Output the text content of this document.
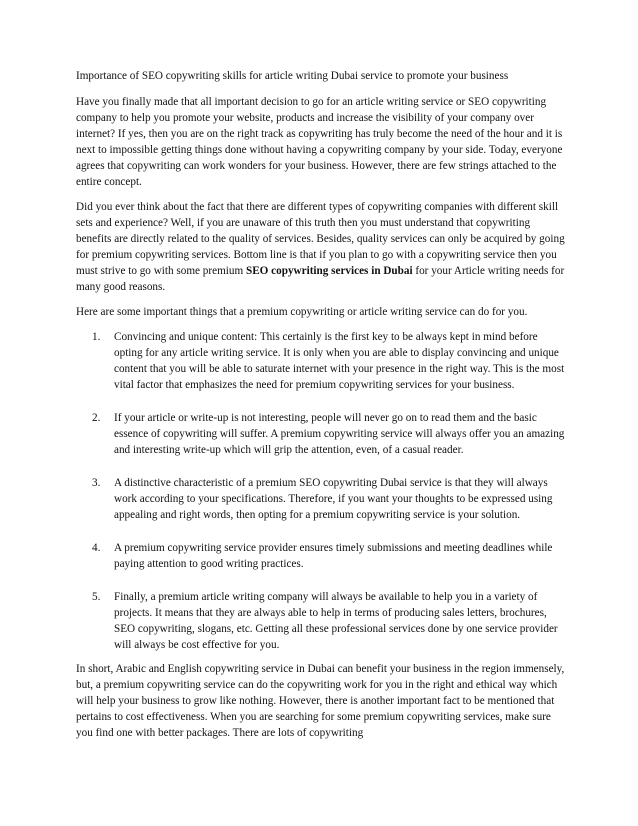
Importance of SEO copywriting skills for article writing Dubai service to promote your business

Have you finally made that all important decision to go for an article writing service or SEO copywriting company to help you promote your website, products and increase the visibility of your company over internet? If yes, then you are on the right track as copywriting has truly become the need of the hour and it is next to impossible getting things done without having a copywriting company by your side. Today, everyone agrees that copywriting can work wonders for your business. However, there are few strings attached to the entire concept.

Did you ever think about the fact that there are different types of copywriting companies with different skill sets and experience? Well, if you are unaware of this truth then you must understand that copywriting benefits are directly related to the quality of services. Besides, quality services can only be acquired by going for premium copywriting services. Bottom line is that if you plan to go with a copywriting service then you must strive to go with some premium SEO copywriting services in Dubai for your Article writing needs for many good reasons.

Here are some important things that a premium copywriting or article writing service can do for you.

1. Convincing and unique content: This certainly is the first key to be always kept in mind before opting for any article writing service. It is only when you are able to display convincing and unique content that you will be able to saturate internet with your presence in the right way. This is the most vital factor that emphasizes the need for premium copywriting services for your business.
2. If your article or write-up is not interesting, people will never go on to read them and the basic essence of copywriting will suffer. A premium copywriting service will always offer you an amazing and interesting write-up which will grip the attention, even, of a casual reader.
3. A distinctive characteristic of a premium SEO copywriting Dubai service is that they will always work according to your specifications. Therefore, if you want your thoughts to be expressed using appealing and right words, then opting for a premium copywriting service is your solution.
4. A premium copywriting service provider ensures timely submissions and meeting deadlines while paying attention to good writing practices.
5. Finally, a premium article writing company will always be available to help you in a variety of projects. It means that they are always able to help in terms of producing sales letters, brochures, SEO copywriting, slogans, etc. Getting all these professional services done by one service provider will always be cost effective for you.

In short, Arabic and English copywriting service in Dubai can benefit your business in the region immensely, but, a premium copywriting service can do the copywriting work for you in the right and ethical way which will help your business to grow like nothing. However, there is another important fact to be mentioned that pertains to cost effectiveness. When you are searching for some premium copywriting services, make sure you find one with better packages. There are lots of copywriting
